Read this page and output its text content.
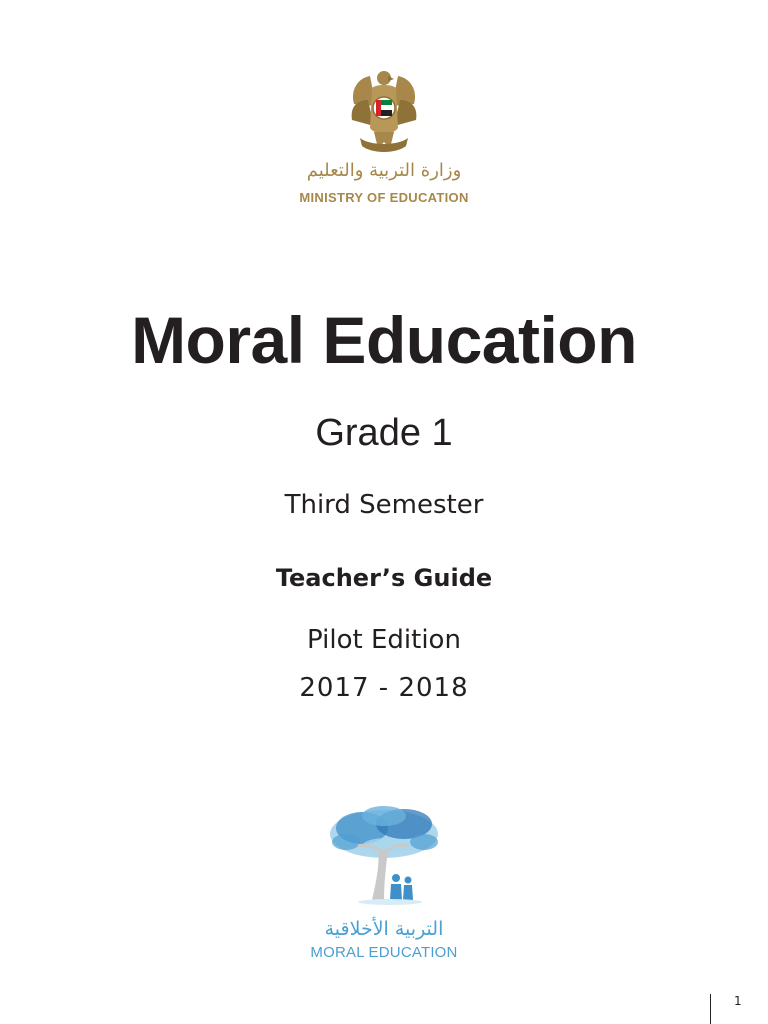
وزارة التربية والتعليم
MINISTRY OF EDUCATION
Moral Education
Grade 1
Third Semester
Teacher’s Guide
Pilot Edition
2017 - 2018
التربية الأخلاقية
MORAL EDUCATION
1
